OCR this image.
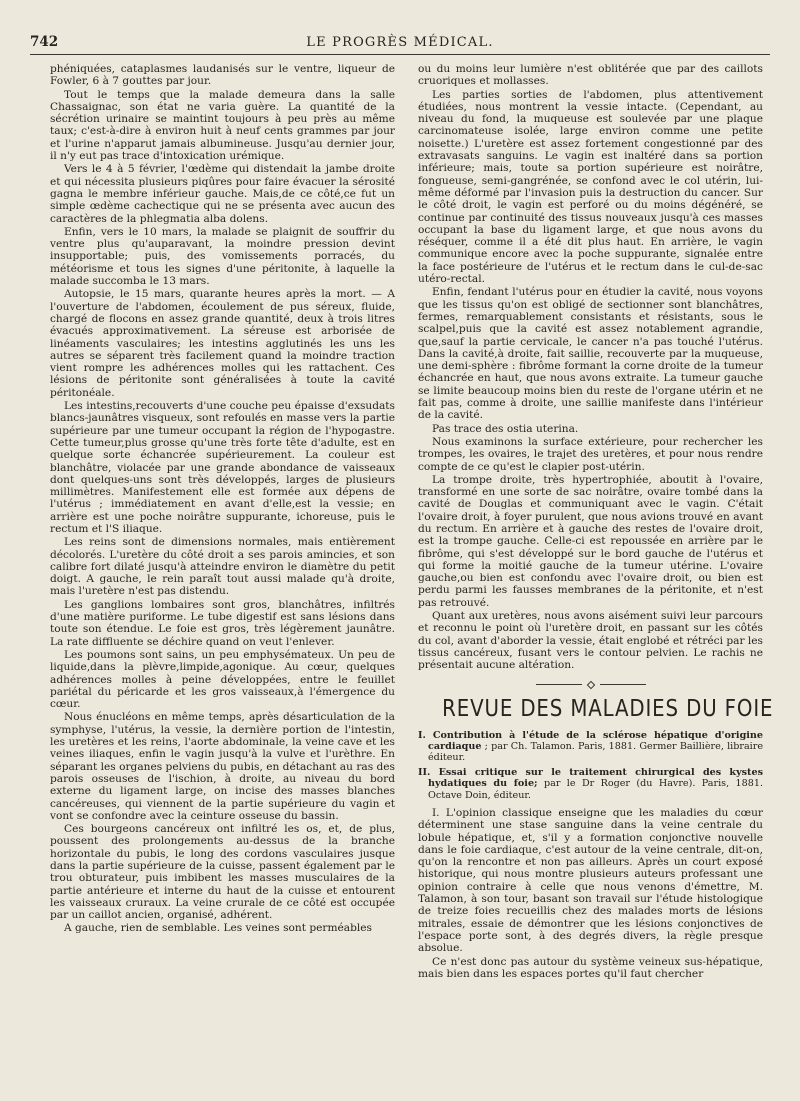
742	LE PROGRÈS MÉDICAL.

phéniquées, cataplasmes laudanisés sur le ventre, liqueur de Fowler, 6 à 7 gouttes par jour.

Tout le temps que la malade demeura dans la salle Chassaignac, son état ne varia guère. La quantité de la sécrétion urinaire se maintint toujours à peu près au même taux; c'est-à-dire à environ huit à neuf cents grammes par jour et l'urine n'apparut jamais albumineuse. Jusqu'au dernier jour, il n'y eut pas trace d'intoxication urémique.

Vers le 4 à 5 février, l'œdème qui distendait la jambe droite et qui nécessita plusieurs piqûres pour faire évacuer la sérosité gagna le membre inférieur gauche. Mais,de ce côté,ce fut un simple œdème cachectique qui ne se présenta avec aucun des caractères de la phlegmatia alba dolens.

Enfin, vers le 10 mars, la malade se plaignit de souffrir du ventre plus qu'auparavant, la moindre pression devint insupportable; puis, des vomissements porracés, du météorisme et tous les signes d'une péritonite, à laquelle la malade succomba le 13 mars.

Autopsie, le 15 mars, quarante heures après la mort. — A l'ouverture de l'abdomen, écoulement de pus séreux, fluide, chargé de flocons en assez grande quantité, deux à trois litres évacués approximativement. La séreuse est arborisée de linéaments vasculaires; les intestins agglutinés les uns les autres se séparent très facilement quand la moindre traction vient rompre les adhérences molles qui les rattachent. Ces lésions de péritonite sont généralisées à toute la cavité péritonéale.

Les intestins,recouverts d'une couche peu épaisse d'exsudats blancs-jaunâtres visqueux, sont refoulés en masse vers la partie supérieure par une tumeur occupant la région de l'hypogastre. Cette tumeur,plus grosse qu'une très forte tête d'adulte, est en quelque sorte échancrée supérieurement. La couleur est blanchâtre, violacée par une grande abondance de vaisseaux dont quelques-uns sont très développés, larges de plusieurs millimètres. Manifestement elle est formée aux dépens de l'utérus ; immédiatement en avant d'elle,est la vessie; en arrière est une poche noirâtre suppurante, ichoreuse, puis le rectum et l'S iliaque.

Les reins sont de dimensions normales, mais entièrement décolorés. L'uretère du côté droit a ses parois amincies, et son calibre fort dilaté jusqu'à atteindre environ le diamètre du petit doigt. A gauche, le rein paraît tout aussi malade qu'à droite, mais l'uretère n'est pas distendu.

Les ganglions lombaires sont gros, blanchâtres, infiltrés d'une matière puriforme. Le tube digestif est sans lésions dans toute son étendue. Le foie est gros, très légèrement jaunâtre. La rate diffluente se déchire quand on veut l'enlever.

Les poumons sont sains, un peu emphysémateux. Un peu de liquide,dans la plèvre,limpide,agonique. Au cœur, quelques adhérences molles à peine développées, entre le feuillet pariétal du péricarde et les gros vaisseaux,à l'émergence du cœur.

Nous énucléons en même temps, après désarticulation de la symphyse, l'utérus, la vessie, la dernière portion de l'intestin, les uretères et les reins, l'aorte abdominale, la veine cave et les veines iliaques, enfin le vagin jusqu'à la vulve et l'urèthre. En séparant les organes pelviens du pubis, en détachant au ras des parois osseuses de l'ischion, à droite, au niveau du bord externe du ligament large, on incise des masses blanches cancéreuses, qui viennent de la partie supérieure du vagin et vont se confondre avec la ceinture osseuse du bassin.

Ces bourgeons cancéreux ont infiltré les os, et, de plus, poussent des prolongements au-dessus de la branche horizontale du pubis, le long des cordons vasculaires jusque dans la partie supérieure de la cuisse, passent également par le trou obturateur, puis imbibent les masses musculaires de la partie antérieure et interne du haut de la cuisse et entourent les vaisseaux cruraux. La veine crurale de ce côté est occupée par un caillot ancien, organisé, adhérent.

A gauche, rien de semblable. Les veines sont perméables

ou du moins leur lumière n'est oblitérée que par des caillots cruoriques et mollasses.

Les parties sorties de l'abdomen, plus attentivement étudiées, nous montrent la vessie intacte. (Cependant, au niveau du fond, la muqueuse est soulevée par une plaque carcinomateuse isolée, large environ comme une petite noisette.) L'uretère est assez fortement congestionné par des extravasats sanguins. Le vagin est inaltéré dans sa portion inférieure; mais, toute sa portion supérieure est noirâtre, fongueuse, semi-gangrénée, se confond avec le col utérin, lui-même déformé par l'invasion puis la destruction du cancer. Sur le côté droit, le vagin est perforé ou du moins dégénéré, se continue par continuité des tissus nouveaux jusqu'à ces masses occupant la base du ligament large, et que nous avons du réséquer, comme il a été dit plus haut. En arrière, le vagin communique encore avec la poche suppurante, signalée entre la face postérieure de l'utérus et le rectum dans le cul-de-sac utéro-rectal.

Enfin, fendant l'utérus pour en étudier la cavité, nous voyons que les tissus qu'on est obligé de sectionner sont blanchâtres, fermes, remarquablement consistants et résistants, sous le scalpel,puis que la cavité est assez notablement agrandie, que,sauf la partie cervicale, le cancer n'a pas touché l'utérus. Dans la cavité,à droite, fait saillie, recouverte par la muqueuse, une demi-sphère : fibrôme formant la corne droite de la tumeur échancrée en haut, que nous avons extraite. La tumeur gauche se limite beaucoup moins bien du reste de l'organe utérin et ne fait pas, comme à droite, une saillie manifeste dans l'intérieur de la cavité.

Pas trace des ostia uterina.

Nous examinons la surface extérieure, pour rechercher les trompes, les ovaires, le trajet des uretères, et pour nous rendre compte de ce qu'est le clapier post-utérin.

La trompe droite, très hypertrophiée, aboutit à l'ovaire, transformé en une sorte de sac noirâtre, ovaire tombé dans la cavité de Douglas et communiquant avec le vagin. C'était l'ovaire droit, à foyer purulent, que nous avions trouvé en avant du rectum. En arrière et à gauche des restes de l'ovaire droit, est la trompe gauche. Celle-ci est repoussée en arrière par le fibrôme, qui s'est développé sur le bord gauche de l'utérus et qui forme la moitié gauche de la tumeur utérine. L'ovaire gauche,ou bien est confondu avec l'ovaire droit, ou bien est perdu parmi les fausses membranes de la péritonite, et n'est pas retrouvé.

Quant aux uretères, nous avons aisément suivi leur parcours et reconnu le point où l'uretère droit, en passant sur les côtés du col, avant d'aborder la vessie, était englobé et rétréci par les tissus cancéreux, fusant vers le contour pelvien. Le rachis ne présentait aucune altération.

REVUE DES MALADIES DU FOIE

I. Contribution à l'étude de la sclérose hépatique d'origine cardiaque ; par Ch. Talamon. Paris, 1881. Germer Baillière, libraire éditeur.

II. Essai critique sur le traitement chirurgical des kystes hydatiques du foie; par le Dr Roger (du Havre). Paris, 1881. Octave Doin, éditeur.

I. L'opinion classique enseigne que les maladies du cœur déterminent une stase sanguine dans la veine centrale du lobule hépatique, et, s'il y a formation conjonctive nouvelle dans le foie cardiaque, c'est autour de la veine centrale, dit-on, qu'on la rencontre et non pas ailleurs. Après un court exposé historique, qui nous montre plusieurs auteurs professant une opinion contraire à celle que nous venons d'émettre, M. Talamon, à son tour, basant son travail sur l'étude histologique de treize foies recueillis chez des malades morts de lésions mitrales, essaie de démontrer que les lésions conjonctives de l'espace porte sont, à des degrés divers, la règle presque absolue.

Ce n'est donc pas autour du système veineux sus-hépatique, mais bien dans les espaces portes qu'il faut chercher
